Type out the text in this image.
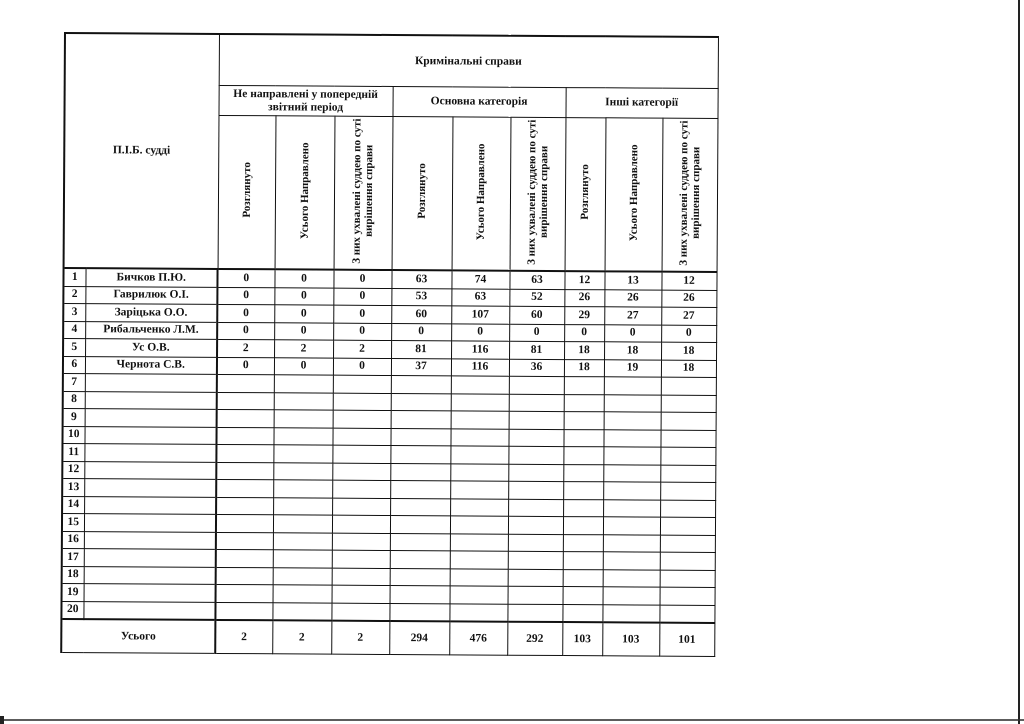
П.І.Б. судді		Кримінальні справи								
		Не направлені у попередній звітний період			Основна категорія			Інші категорії		
		Розглянуто	Усього Направлено	З них ухвалені суддею по суті вирішення справи	Розглянуто	Усього Направлено	З них ухвалені суддею по суті вирішення справи	Розглянуто	Усього Направлено	З них ухвалені суддею по суті вирішення справи
1	Бичков П.Ю.	0	0	0	63	74	63	12	13	12
2	Гаврилюк О.І.	0	0	0	53	63	52	26	26	26
3	Заріцька О.О.	0	0	0	60	107	60	29	27	27
4	Рибальченко Л.М.	0	0	0	0	0	0	0	0	0
5	Ус О.В.	2	2	2	81	116	81	18	18	18
6	Чернота С.В.	0	0	0	37	116	36	18	19	18
7										
8										
9										
10										
11										
12										
13										
14										
15										
16										
17										
18										
19										
20										
Усього		2	2	2	294	476	292	103	103	101
